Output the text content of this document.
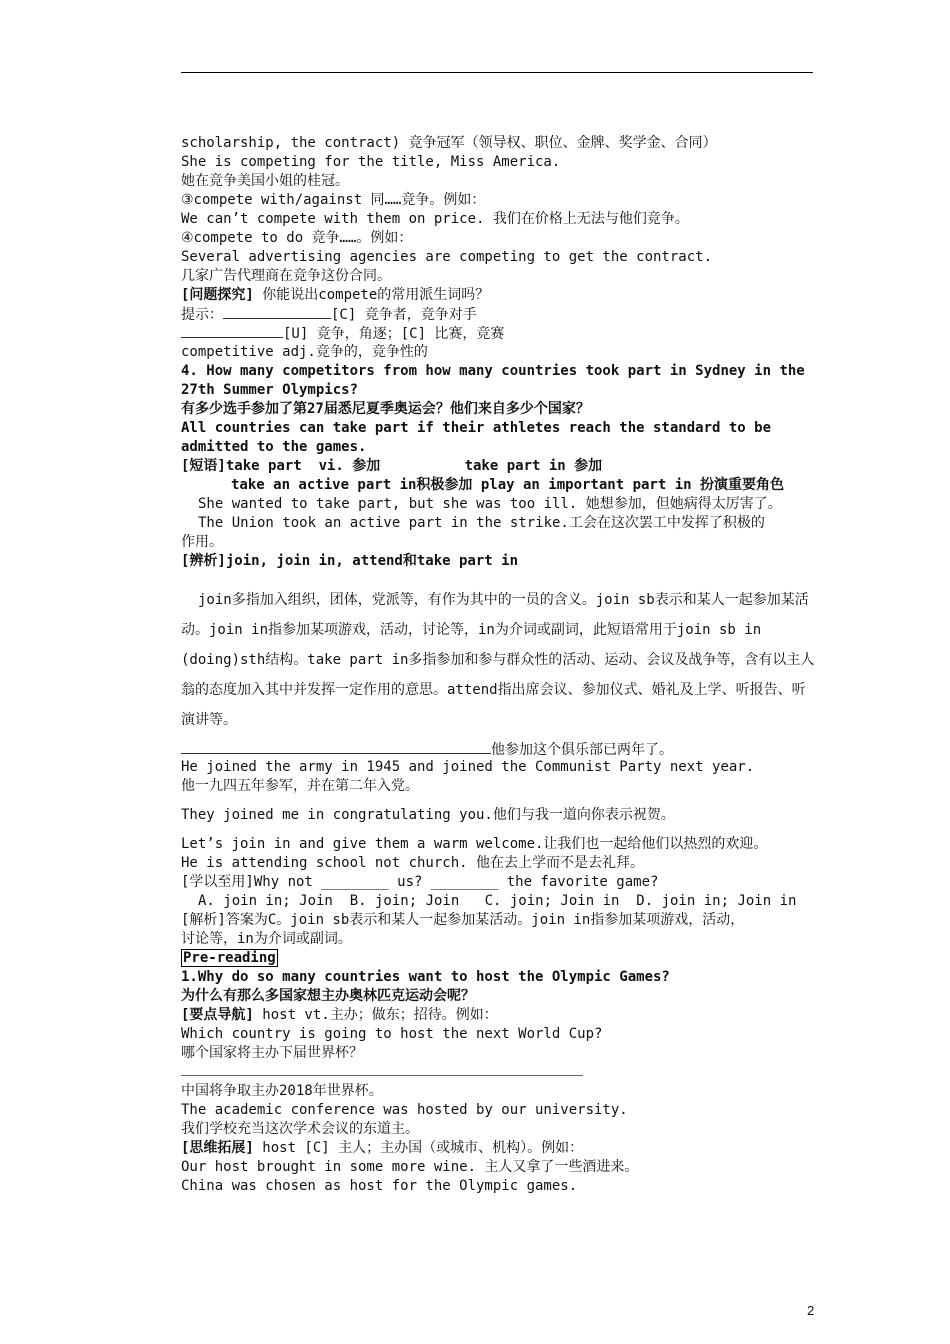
scholarship, the contract) 竞争冠军（领导权、职位、金牌、奖学金、合同）
She is competing for the title, Miss America.
她在竞争美国小姐的桂冠。
③compete with/against 同……竞争。例如：
We can’t compete with them on price. 我们在价格上无法与他们竞争。
④compete to do 竞争……。例如：
Several advertising agencies are competing to get the contract.
几家广告代理商在竞争这份合同。
[问题探究] 你能说出compete的常用派生词吗？
提示：	[C] 竞争者，竞争对手
[U] 竞争，角逐；[C] 比赛，竞赛
competitive adj.竞争的，竞争性的
4. How many competitors from how many countries took part in Sydney in the
27th Summer Olympics?
有多少选手参加了第27届悉尼夏季奥运会？他们来自多少个国家？
All countries can take part if their athletes reach the standard to be
admitted to the games.
[短语]take part  vi. 参加          take part in 参加
take an active part in积极参加 play an important part in 扮演重要角色
She wanted to take part, but she was too ill. 她想参加，但她病得太厉害了。
The Union took an active part in the strike.工会在这次罢工中发挥了积极的
作用。
[辨析]join, join in, attend和take part in
join多指加入组织，团体，党派等，有作为其中的一员的含义。join sb表示和某人一起参加某活动。join in指参加某项游戏，活动，讨论等，in为介词或副词，此短语常用于join sb in (doing)sth结构。take part in多指参加和参与群众性的活动、运动、会议及战争等，含有以主人翁的态度加入其中并发挥一定作用的意思。attend指出席会议、参加仪式、婚礼及上学、听报告、听演讲等。
他参加这个俱乐部已两年了。
He joined the army in 1945 and joined the Communist Party next year.
他一九四五年参军，并在第二年入党。
They joined me in congratulating you.他们与我一道向你表示祝贺。
Let’s join in and give them a warm welcome.让我们也一起给他们以热烈的欢迎。
He is attending school not church. 他在去上学而不是去礼拜。
[学以至用]Why not ________ us? ________ the favorite game?
A. join in; Join  B. join; Join   C. join; Join in  D. join in; Join in
[解析]答案为C。join sb表示和某人一起参加某活动。join in指参加某项游戏，活动，
讨论等，in为介词或副词。
Pre-reading
1.Why do so many countries want to host the Olympic Games?
为什么有那么多国家想主办奥林匹克运动会呢？
[要点导航] host vt.主办；做东；招待。例如：
Which country is going to host the next World Cup?
哪个国家将主办下届世界杯？
中国将争取主办2018年世界杯。
The academic conference was hosted by our university.
我们学校充当这次学术会议的东道主。
[思维拓展] host [C] 主人；主办国（或城市、机构）。例如：
Our host brought in some more wine. 主人又拿了一些酒进来。
China was chosen as host for the Olympic games.
2
